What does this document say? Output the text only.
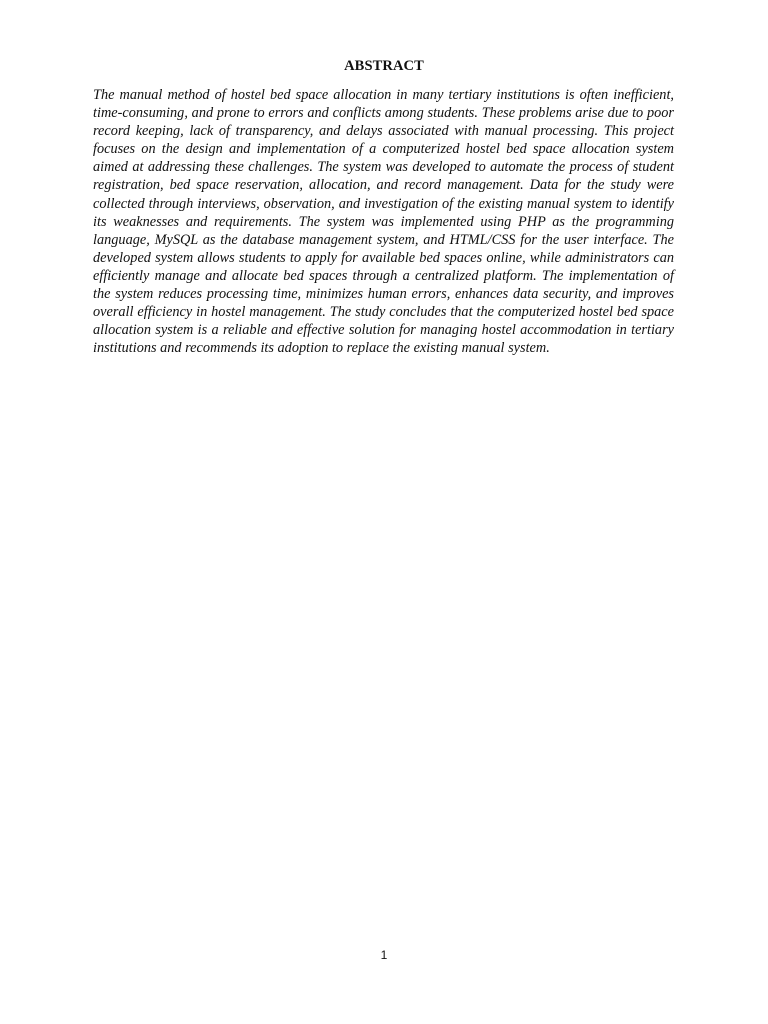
ABSTRACT

The manual method of hostel bed space allocation in many tertiary institutions is often inefficient, time-consuming, and prone to errors and conflicts among students. These problems arise due to poor record keeping, lack of transparency, and delays associated with manual processing. This project focuses on the design and implementation of a computerized hostel bed space allocation system aimed at addressing these challenges. The system was developed to automate the process of student registration, bed space reservation, allocation, and record management. Data for the study were collected through interviews, observation, and investigation of the existing manual system to identify its weaknesses and requirements. The system was implemented using PHP as the programming language, MySQL as the database management system, and HTML/CSS for the user interface. The developed system allows students to apply for available bed spaces online, while administrators can efficiently manage and allocate bed spaces through a centralized platform. The implementation of the system reduces processing time, minimizes human errors, enhances data security, and improves overall efficiency in hostel management. The study concludes that the computerized hostel bed space allocation system is a reliable and effective solution for managing hostel accommodation in tertiary institutions and recommends its adoption to replace the existing manual system.

1
